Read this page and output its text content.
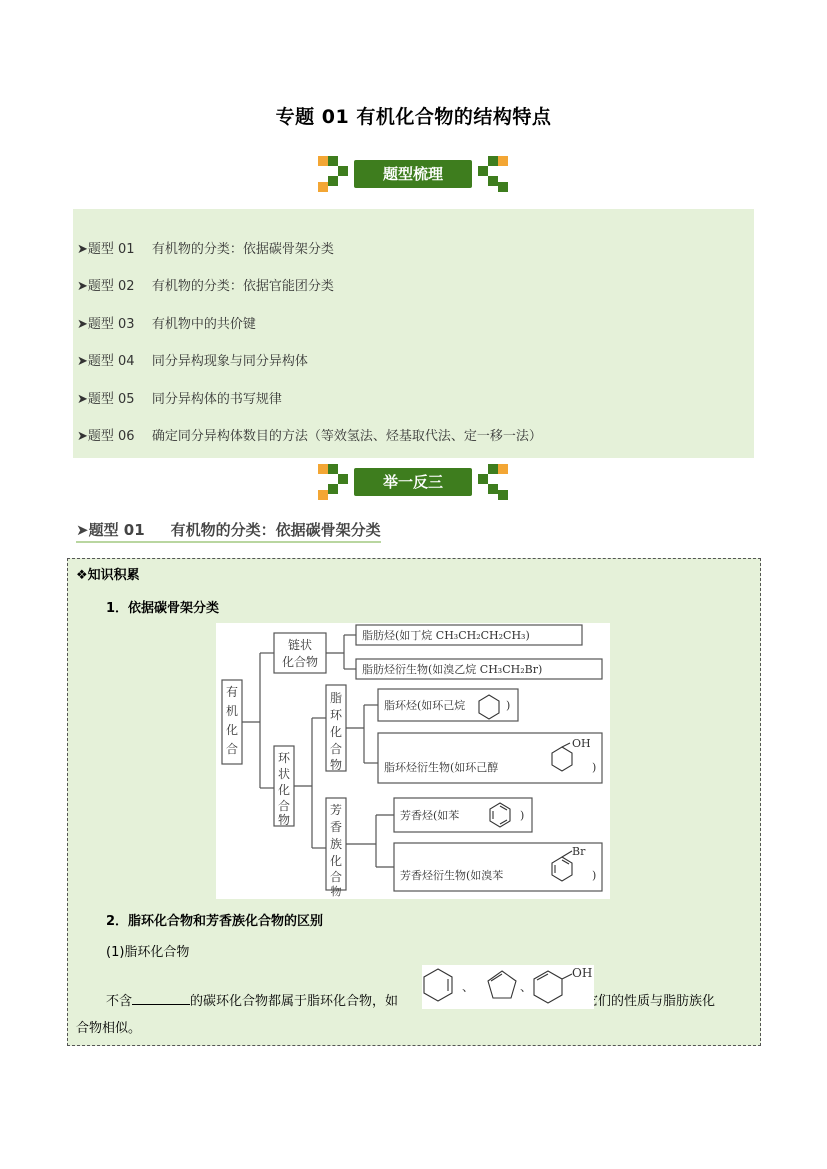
专题 01 有机化合物的结构特点
题型梳理
➤题型 01 有机物的分类：依据碳骨架分类
➤题型 02 有机物的分类：依据官能团分类
➤题型 03 有机物中的共价键
➤题型 04 同分异构现象与同分异构体
➤题型 05 同分异构体的书写规律
➤题型 06 确定同分异构体数目的方法（等效氢法、烃基取代法、定一移一法）
举一反三
➤题型 01 有机物的分类：依据碳骨架分类
❖知识积累
1．依据碳骨架分类
有
机
化
合
链状
化合物
环
状
化
合
物
脂
环
化
合
物
芳
香
族
化
合
物
脂肪烃(如丁烷 CH₃CH₂CH₂CH₃)
脂肪烃衍生物(如溴乙烷 CH₃CH₂Br)
脂环烃(如环己烷	)
脂环烃衍生物(如环己醇	)
OH
芳香烃(如苯	)
芳香烃衍生物(如溴苯	)
Br
2．脂环化合物和芳香族化合物的区别
(1)脂环化合物
不含	的碳环化合物都属于脂环化合物，如	。它们的性质与脂肪族化
、	、
OH
合物相似。
